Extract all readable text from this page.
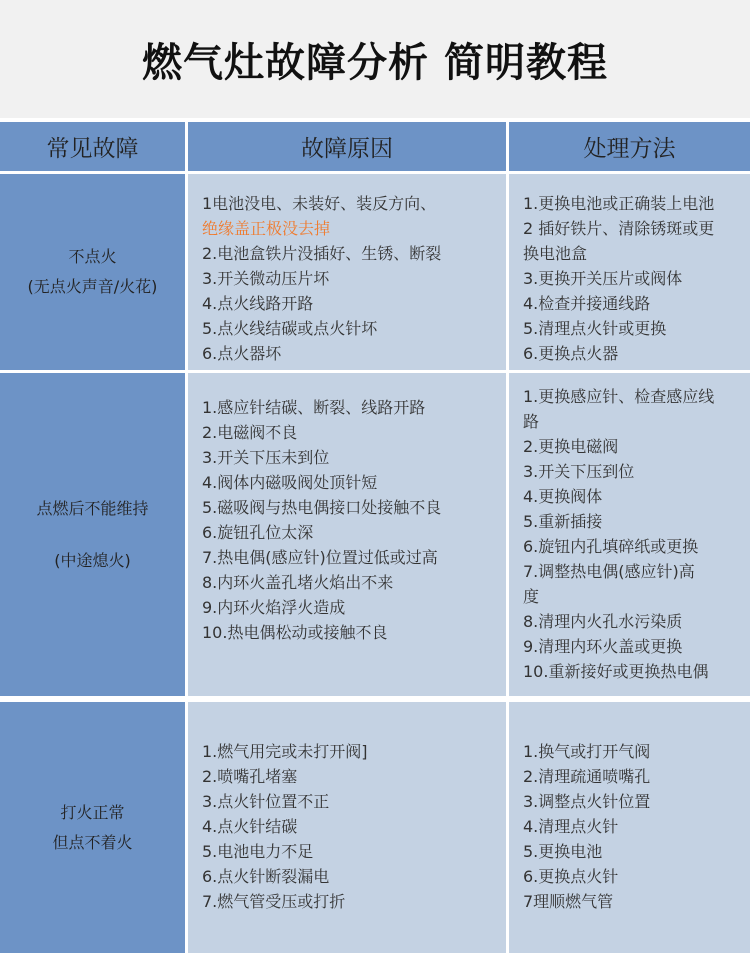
燃气灶故障分析 简明教程
常见故障	故障原因	处理方法
不点火
(无点火声音/火花)
1电池没电、未装好、装反方向、
绝缘盖正极没去掉
2.电池盒铁片没插好、生锈、断裂
3.开关微动压片坏
4.点火线路开路
5.点火线结碳或点火针坏
6.点火器坏
1.更换电池或正确装上电池
2 插好铁片、清除锈斑或更
换电池盒
3.更换开关压片或阀体
4.检查并接通线路
5.清理点火针或更换
6.更换点火器
点燃后不能维持
(中途熄火)
1.感应针结碳、断裂、线路开路
2.电磁阀不良
3.开关下压未到位
4.阀体内磁吸阀处顶针短
5.磁吸阀与热电偶接口处接触不良
6.旋钮孔位太深
7.热电偶(感应针)位置过低或过高
8.内环火盖孔堵火焰出不来
9.内环火焰浮火造成
10.热电偶松动或接触不良
1.更换感应针、检查感应线
路
2.更换电磁阀
3.开关下压到位
4.更换阀体
5.重新插接
6.旋钮内孔填碎纸或更换
7.调整热电偶(感应针)高
度
8.清理内火孔水污染质
9.清理内环火盖或更换
10.重新接好或更换热电偶
打火正常
但点不着火
1.燃气用完或未打开阀]
2.喷嘴孔堵塞
3.点火针位置不正
4.点火针结碳
5.电池电力不足
6.点火针断裂漏电
7.燃气管受压或打折
1.换气或打开气阀
2.清理疏通喷嘴孔
3.调整点火针位置
4.清理点火针
5.更换电池
6.更换点火针
7理顺燃气管
